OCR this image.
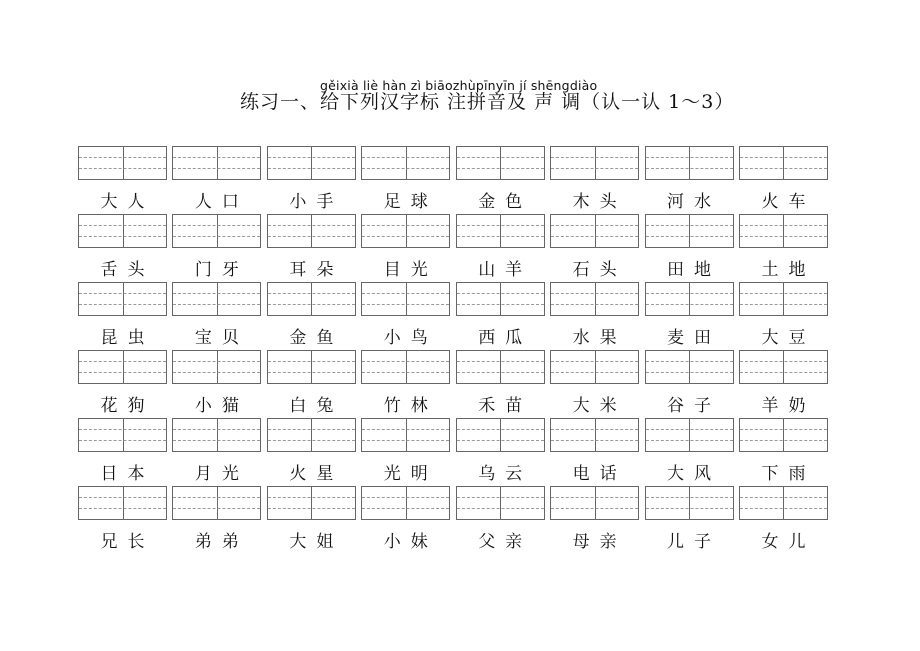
gěixià liè hàn zì biāozhùpīnyīn jí shēngdiào
练习一、给下列汉字标 注拼音及 声 调（认一认 1～3）
大人	人口	小手	足球	金色	木头	河水	火车
舌头	门牙	耳朵	目光	山羊	石头	田地	土地
昆虫	宝贝	金鱼	小鸟	西瓜	水果	麦田	大豆
花狗	小猫	白兔	竹林	禾苗	大米	谷子	羊奶
日本	月光	火星	光明	乌云	电话	大风	下雨
兄长	弟弟	大姐	小妹	父亲	母亲	儿子	女儿
